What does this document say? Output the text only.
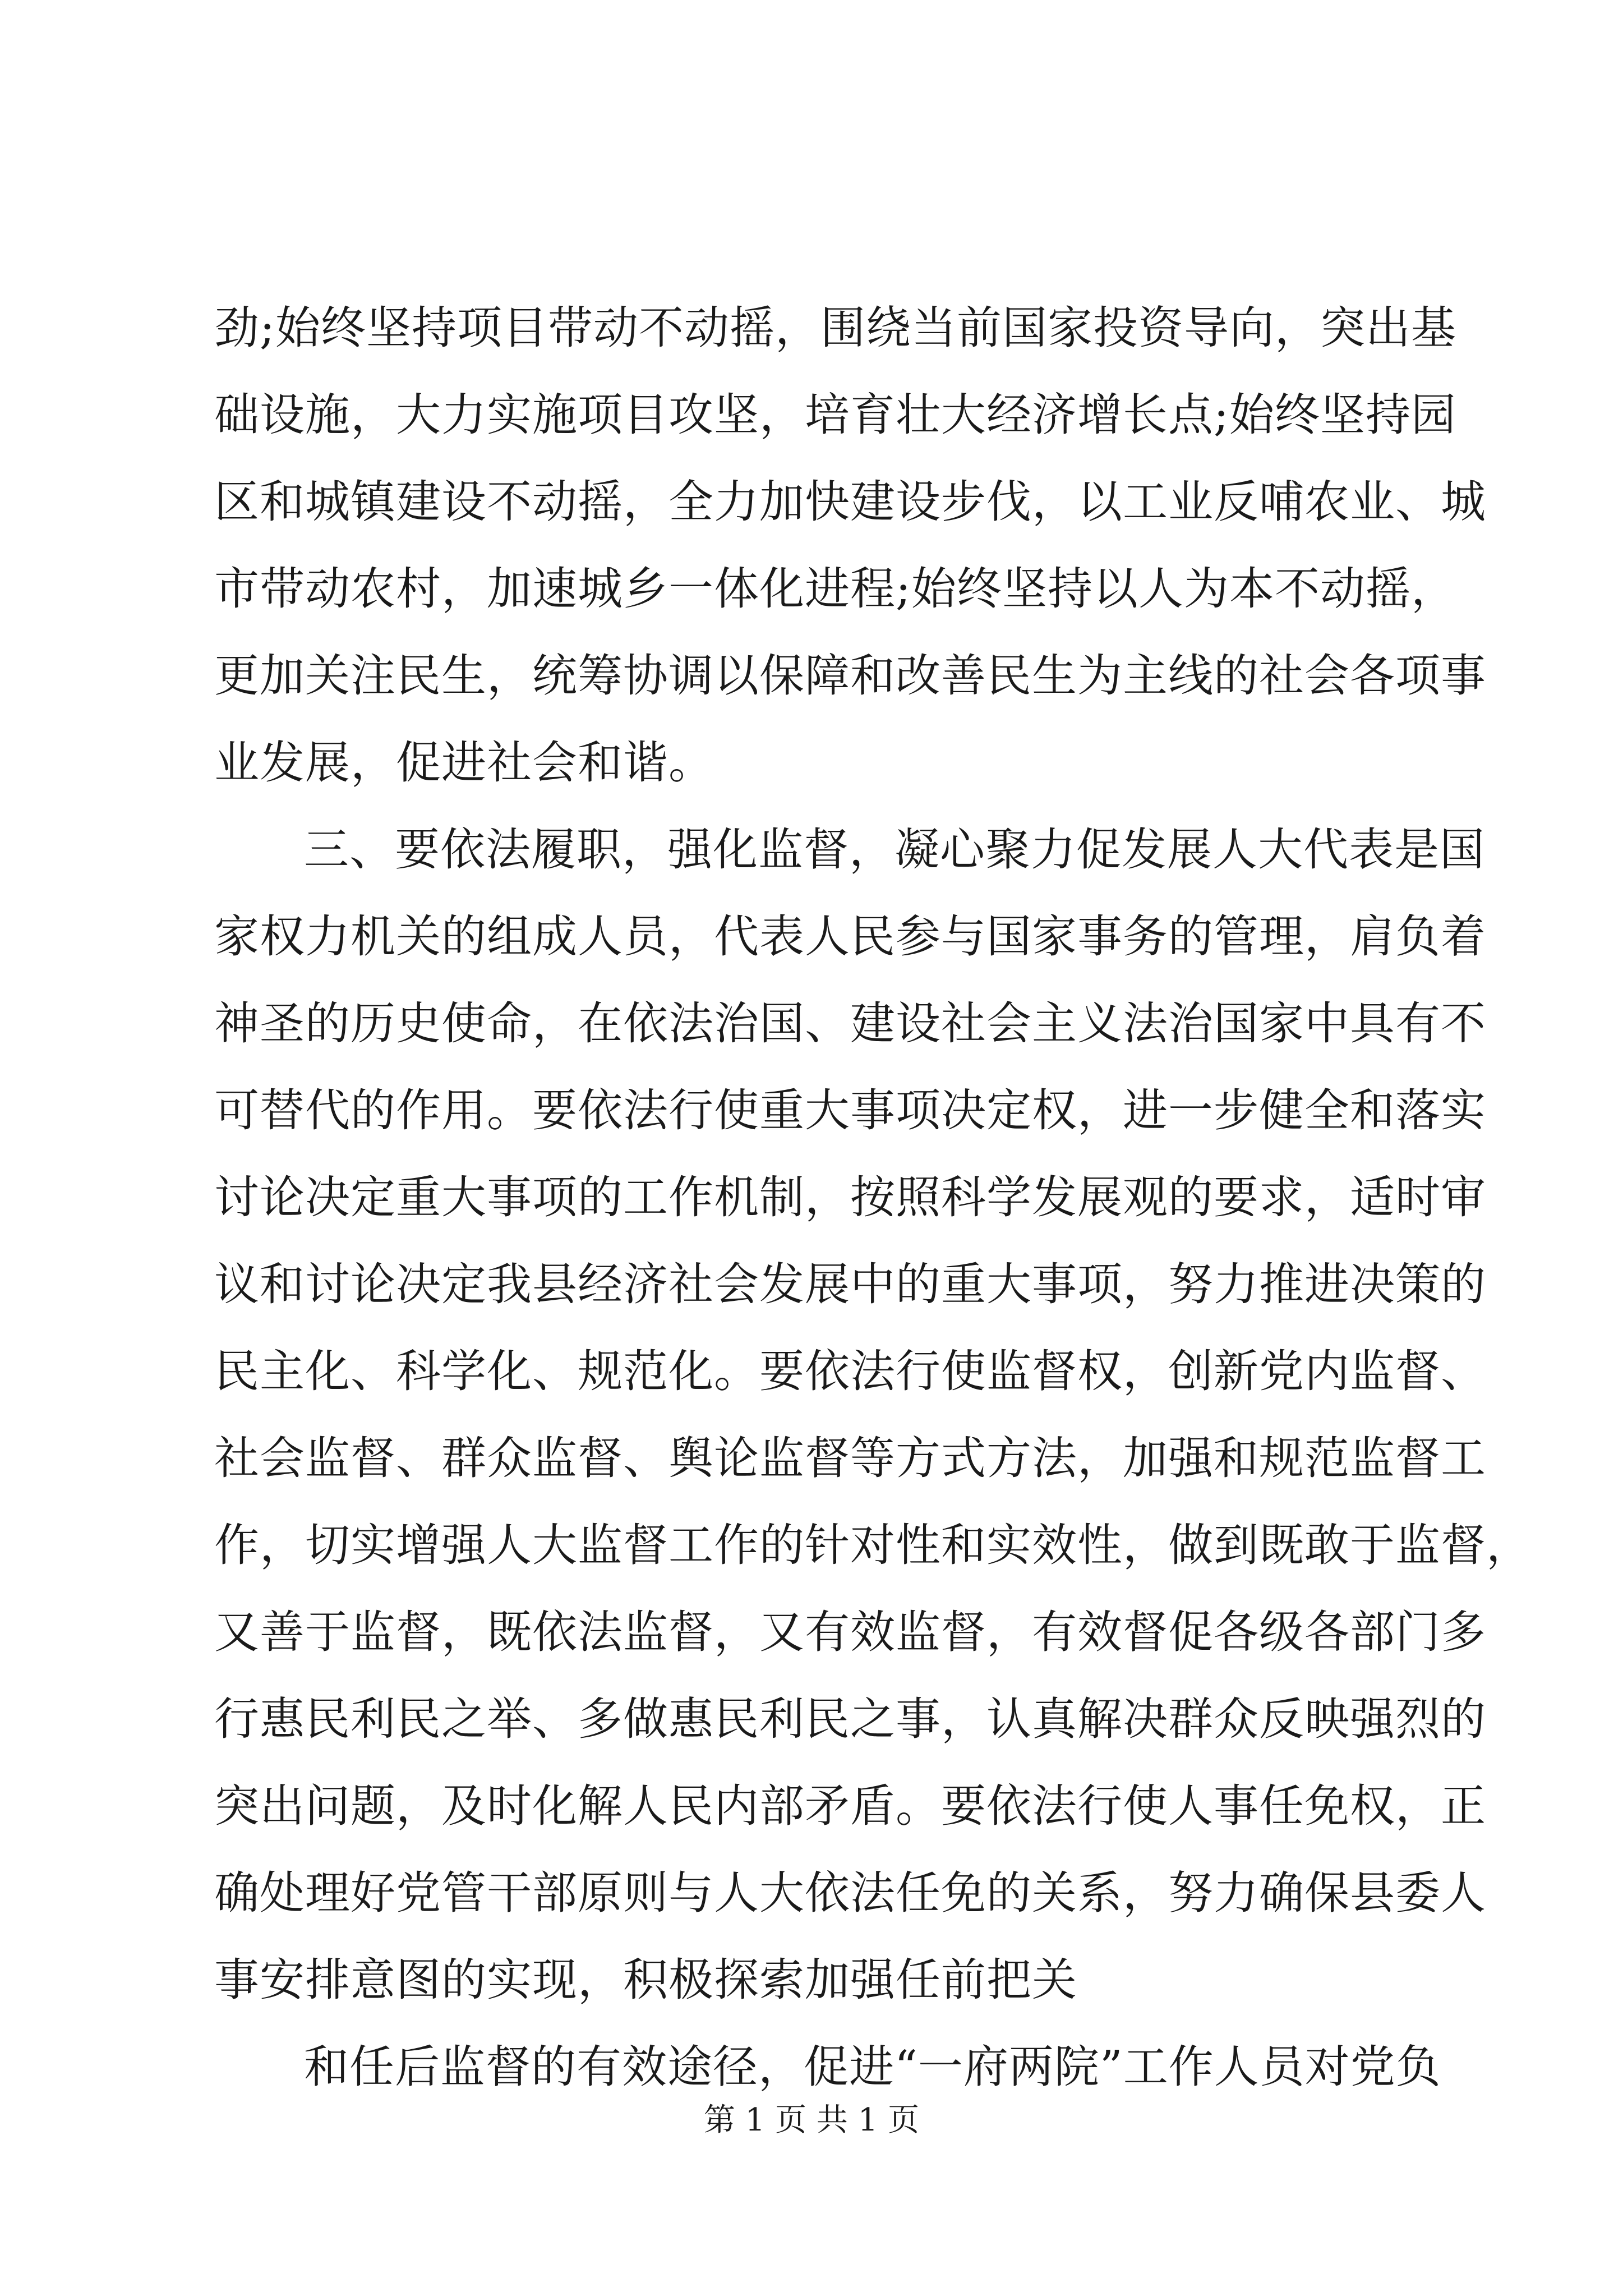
劲;始终坚持项目带动不动摇，围绕当前国家投资导向，突出基
础设施，大力实施项目攻坚，培育壮大经济增长点;始终坚持园
区和城镇建设不动摇，全力加快建设步伐，以工业反哺农业、城
市带动农村，加速城乡一体化进程;始终坚持以人为本不动摇，
更加关注民生，统筹协调以保障和改善民生为主线的社会各项事
业发展，促进社会和谐。
三、要依法履职，强化监督，凝心聚力促发展人大代表是国
家权力机关的组成人员，代表人民参与国家事务的管理，肩负着
神圣的历史使命，在依法治国、建设社会主义法治国家中具有不
可替代的作用。要依法行使重大事项决定权，进一步健全和落实
讨论决定重大事项的工作机制，按照科学发展观的要求，适时审
议和讨论决定我县经济社会发展中的重大事项，努力推进决策的
民主化、科学化、规范化。要依法行使监督权，创新党内监督、
社会监督、群众监督、舆论监督等方式方法，加强和规范监督工
作，切实增强人大监督工作的针对性和实效性，做到既敢于监督，
又善于监督，既依法监督，又有效监督，有效督促各级各部门多
行惠民利民之举、多做惠民利民之事，认真解决群众反映强烈的
突出问题，及时化解人民内部矛盾。要依法行使人事任免权，正
确处理好党管干部原则与人大依法任免的关系，努力确保县委人
事安排意图的实现，积极探索加强任前把关
和任后监督的有效途径，促进“一府两院”工作人员对党负
第 1 页 共 1 页
